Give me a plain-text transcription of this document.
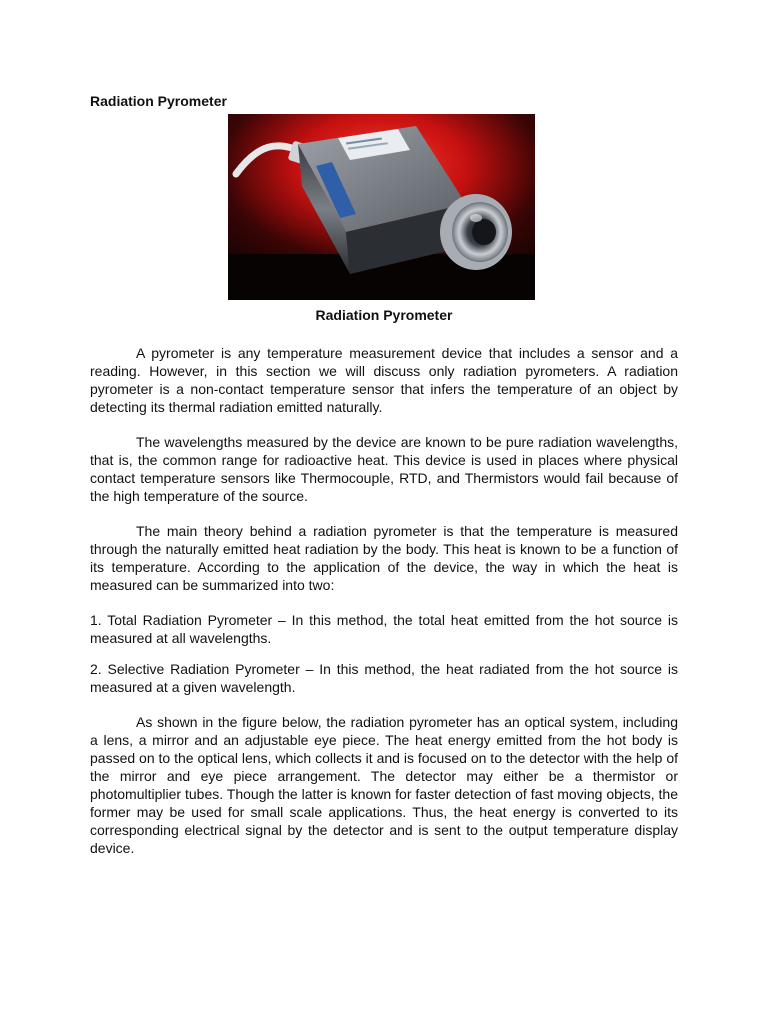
Radiation Pyrometer
Radiation Pyrometer

A pyrometer is any temperature measurement device that includes a sensor and a reading. However, in this section we will discuss only radiation pyrometers. A radiation pyrometer is a non-contact temperature sensor that infers the temperature of an object by detecting its thermal radiation emitted naturally.

The wavelengths measured by the device are known to be pure radiation wavelengths, that is, the common range for radioactive heat. This device is used in places where physical contact temperature sensors like Thermocouple, RTD, and Thermistors would fail because of the high temperature of the source.

The main theory behind a radiation pyrometer is that the temperature is measured through the naturally emitted heat radiation by the body. This heat is known to be a function of its temperature. According to the application of the device, the way in which the heat is measured can be summarized into two:

1. Total Radiation Pyrometer – In this method, the total heat emitted from the hot source is measured at all wavelengths.

2. Selective Radiation Pyrometer – In this method, the heat radiated from the hot source is measured at a given wavelength.

As shown in the figure below, the radiation pyrometer has an optical system, including a lens, a mirror and an adjustable eye piece. The heat energy emitted from the hot body is passed on to the optical lens, which collects it and is focused on to the detector with the help of the mirror and eye piece arrangement. The detector may either be a thermistor or photomultiplier tubes. Though the latter is known for faster detection of fast moving objects, the former may be used for small scale applications. Thus, the heat energy is converted to its corresponding electrical signal by the detector and is sent to the output temperature display device.
